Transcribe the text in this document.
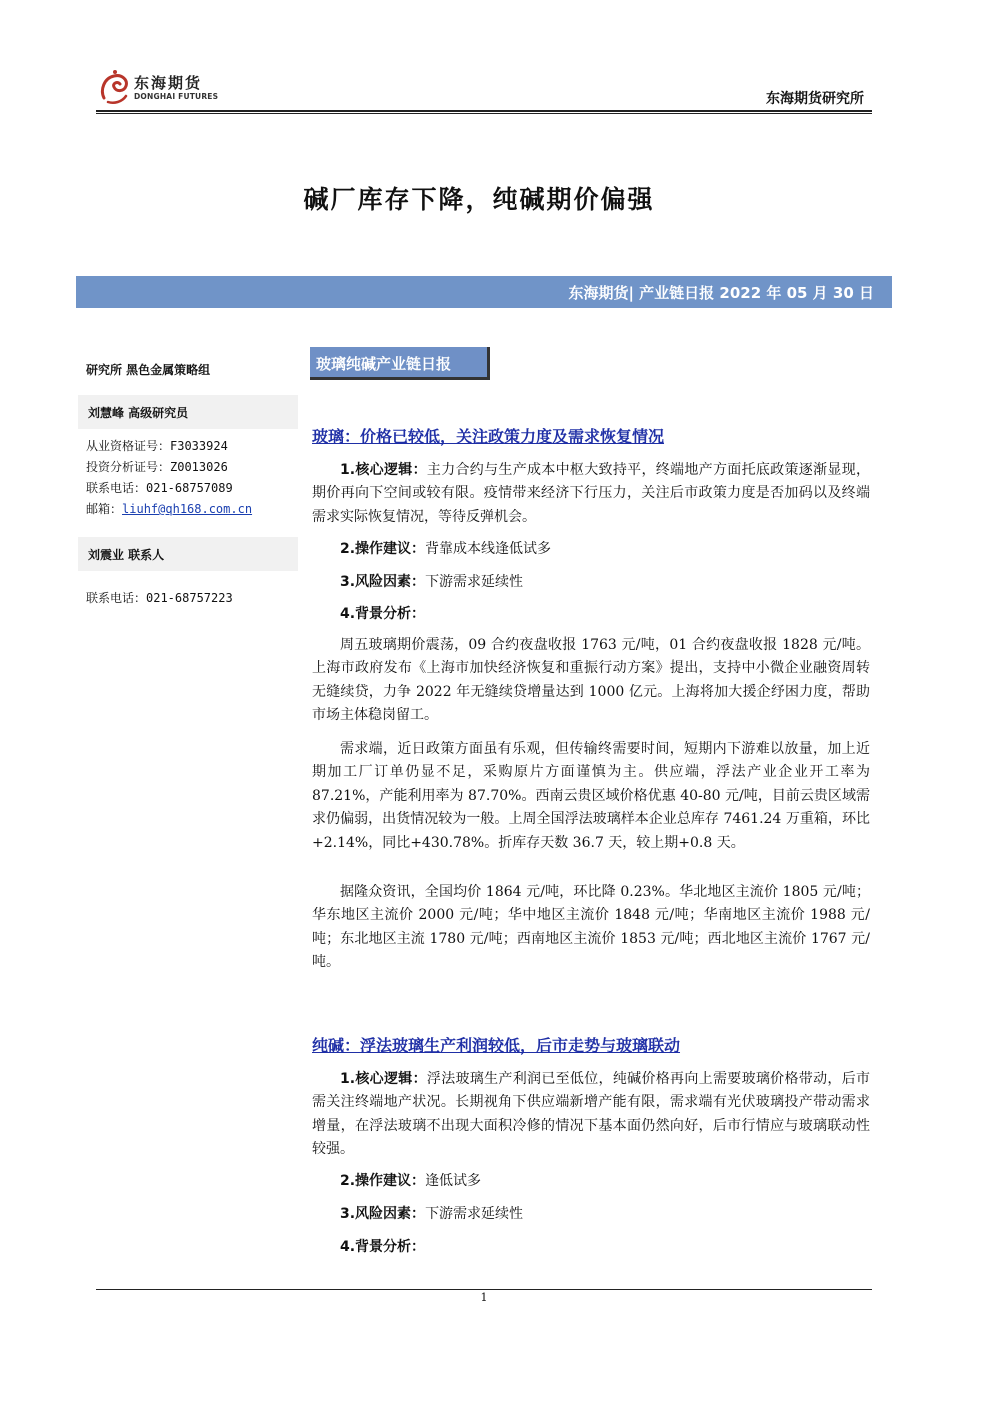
东海期货
DONGHAI FUTURES	东海期货研究所
碱厂库存下降，纯碱期价偏强
东海期货| 产业链日报 2022 年 05 月 30 日
研究所 黑色金属策略组
刘慧峰 高级研究员
从业资格证号：F3033924
投资分析证号：Z0013026
联系电话：021-68757089
邮箱：liuhf@qh168.com.cn
刘震业 联系人
联系电话：021-68757223
玻璃纯碱产业链日报
玻璃：价格已较低，关注政策力度及需求恢复情况

1.核心逻辑：主力合约与生产成本中枢大致持平，终端地产方面托底政策逐渐显现，期价再向下空间或较有限。疫情带来经济下行压力，关注后市政策力度是否加码以及终端需求实际恢复情况，等待反弹机会。

2.操作建议：背靠成本线逢低试多

3.风险因素：下游需求延续性

4.背景分析：

周五玻璃期价震荡，09 合约夜盘收报 1763 元/吨，01 合约夜盘收报 1828 元/吨。上海市政府发布《上海市加快经济恢复和重振行动方案》提出，支持中小微企业融资周转无缝续贷，力争 2022 年无缝续贷增量达到 1000 亿元。上海将加大援企纾困力度，帮助市场主体稳岗留工。

需求端，近日政策方面虽有乐观，但传输终需要时间，短期内下游难以放量，加上近期加工厂订单仍显不足，采购原片方面谨慎为主。供应端，浮法产业企业开工率为 87.21%，产能利用率为 87.70%。西南云贵区域价格优惠 40-80 元/吨，目前云贵区域需求仍偏弱，出货情况较为一般。上周全国浮法玻璃样本企业总库存 7461.24 万重箱，环比+2.14%，同比+430.78%。折库存天数 36.7 天，较上期+0.8 天。

据隆众资讯，全国均价 1864 元/吨，环比降 0.23%。华北地区主流价 1805 元/吨；华东地区主流价 2000 元/吨；华中地区主流价 1848 元/吨；华南地区主流价 1988 元/吨；东北地区主流 1780 元/吨；西南地区主流价 1853 元/吨；西北地区主流价 1767 元/吨。

纯碱：浮法玻璃生产利润较低，后市走势与玻璃联动

1.核心逻辑：浮法玻璃生产利润已至低位，纯碱价格再向上需要玻璃价格带动，后市需关注终端地产状况。长期视角下供应端新增产能有限，需求端有光伏玻璃投产带动需求增量，在浮法玻璃不出现大面积冷修的情况下基本面仍然向好，后市行情应与玻璃联动性较强。

2.操作建议：逢低试多

3.风险因素：下游需求延续性

4.背景分析：

1
